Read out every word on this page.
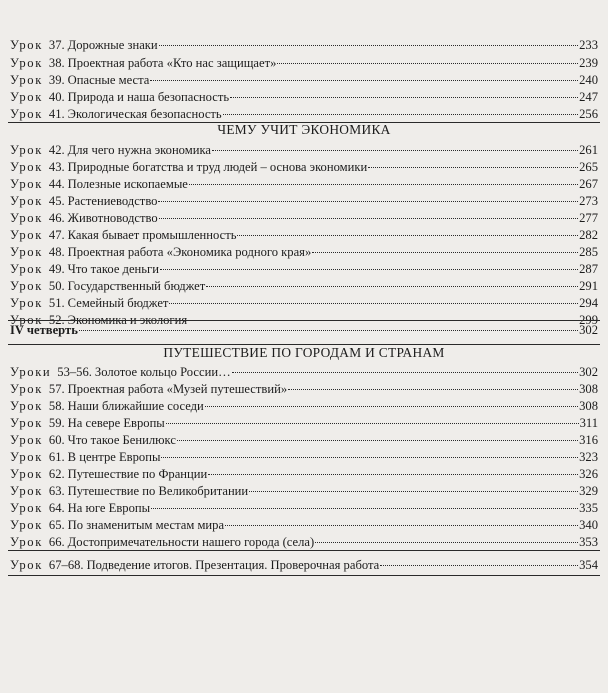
Урок 37. Дорожные знаки	233
Урок 38. Проектная работа «Кто нас защищает»	239
Урок 39. Опасные места	240
Урок 40. Природа и наша безопасность	247
Урок 41. Экологическая безопасность	256
ЧЕМУ УЧИТ ЭКОНОМИКА
Урок 42. Для чего нужна экономика	261
Урок 43. Природные богатства и труд людей – основа экономики	265
Урок 44. Полезные ископаемые	267
Урок 45. Растениеводство	273
Урок 46. Животноводство	277
Урок 47. Какая бывает промышленность	282
Урок 48. Проектная работа «Экономика родного края»	285
Урок 49. Что такое деньги	287
Урок 50. Государственный бюджет	291
Урок 51. Семейный бюджет	294
Урок 52. Экономика и экология	299
IV четверть	302
ПУТЕШЕСТВИЕ ПО ГОРОДАМ И СТРАНАМ
Уроки 53–56. Золотое кольцо России…	302
Урок 57. Проектная работа «Музей путешествий»	308
Урок 58. Наши ближайшие соседи	308
Урок 59. На севере Европы	311
Урок 60. Что такое Бенилюкс	316
Урок 61. В центре Европы	323
Урок 62. Путешествие по Франции	326
Урок 63. Путешествие по Великобритании	329
Урок 64. На юге Европы	335
Урок 65. По знаменитым местам мира	340
Урок 66. Достопримечательности нашего города (села)	353
Урок 67–68. Подведение итогов. Презентация. Проверочная работа	354
